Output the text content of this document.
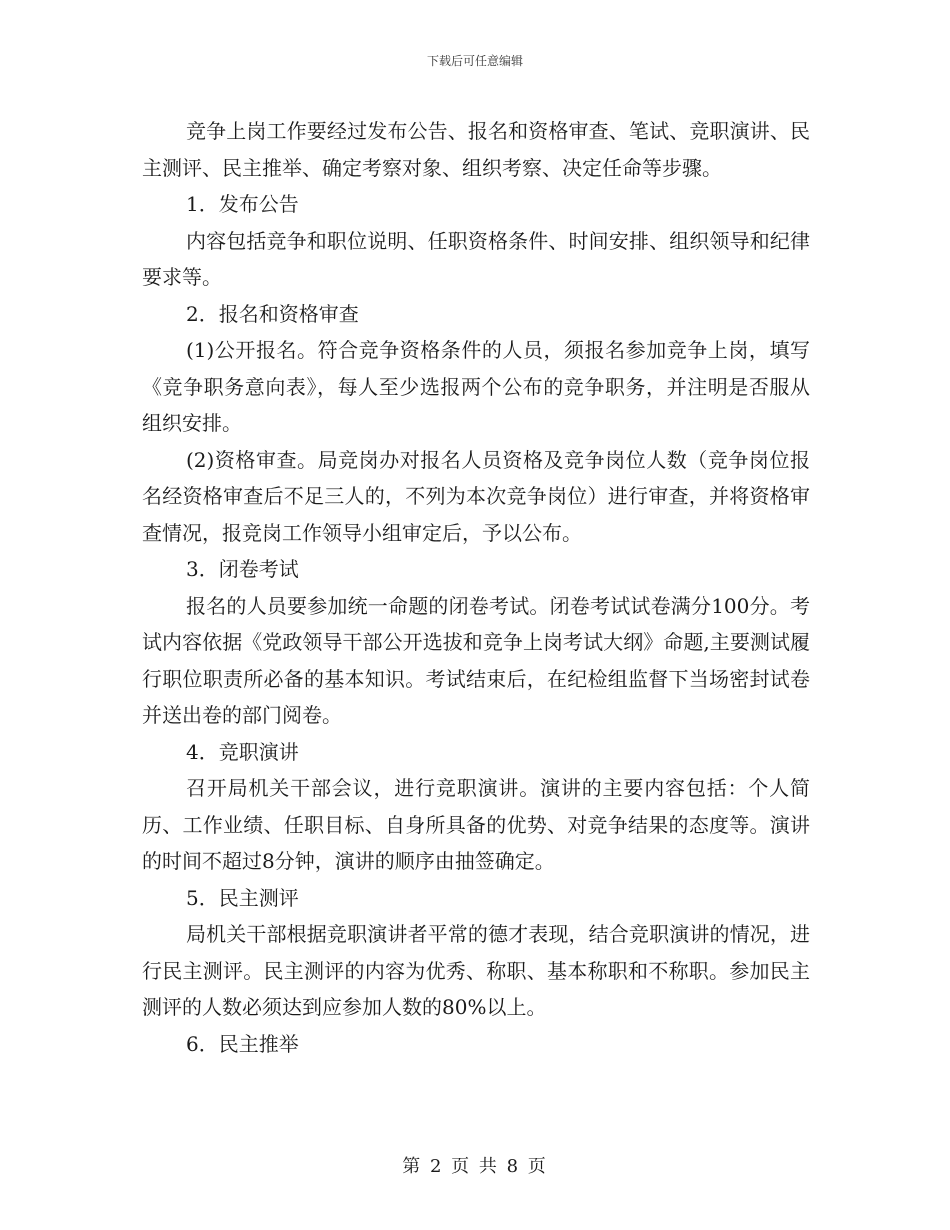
下载后可任意编辑

竞争上岗工作要经过发布公告、报名和资格审查、笔试、竞职演讲、民主测评、民主推举、确定考察对象、组织考察、决定任命等步骤。

1．发布公告

内容包括竞争和职位说明、任职资格条件、时间安排、组织领导和纪律要求等。

2．报名和资格审查

(1)公开报名。符合竞争资格条件的人员，须报名参加竞争上岗，填写《竞争职务意向表》，每人至少选报两个公布的竞争职务，并注明是否服从组织安排。

(2)资格审查。局竞岗办对报名人员资格及竞争岗位人数（竞争岗位报名经资格审查后不足三人的，不列为本次竞争岗位）进行审查，并将资格审查情况，报竞岗工作领导小组审定后，予以公布。

3．闭卷考试

报名的人员要参加统一命题的闭卷考试。闭卷考试试卷满分100分。考试内容依据《党政领导干部公开选拔和竞争上岗考试大纲》命题,主要测试履行职位职责所必备的基本知识。考试结束后，在纪检组监督下当场密封试卷并送出卷的部门阅卷。

4．竞职演讲

召开局机关干部会议，进行竞职演讲。演讲的主要内容包括：个人简历、工作业绩、任职目标、自身所具备的优势、对竞争结果的态度等。演讲的时间不超过8分钟，演讲的顺序由抽签确定。

5．民主测评

局机关干部根据竞职演讲者平常的德才表现，结合竞职演讲的情况，进行民主测评。民主测评的内容为优秀、称职、基本称职和不称职。参加民主测评的人数必须达到应参加人数的80%以上。

6．民主推举

第 2 页 共 8 页
